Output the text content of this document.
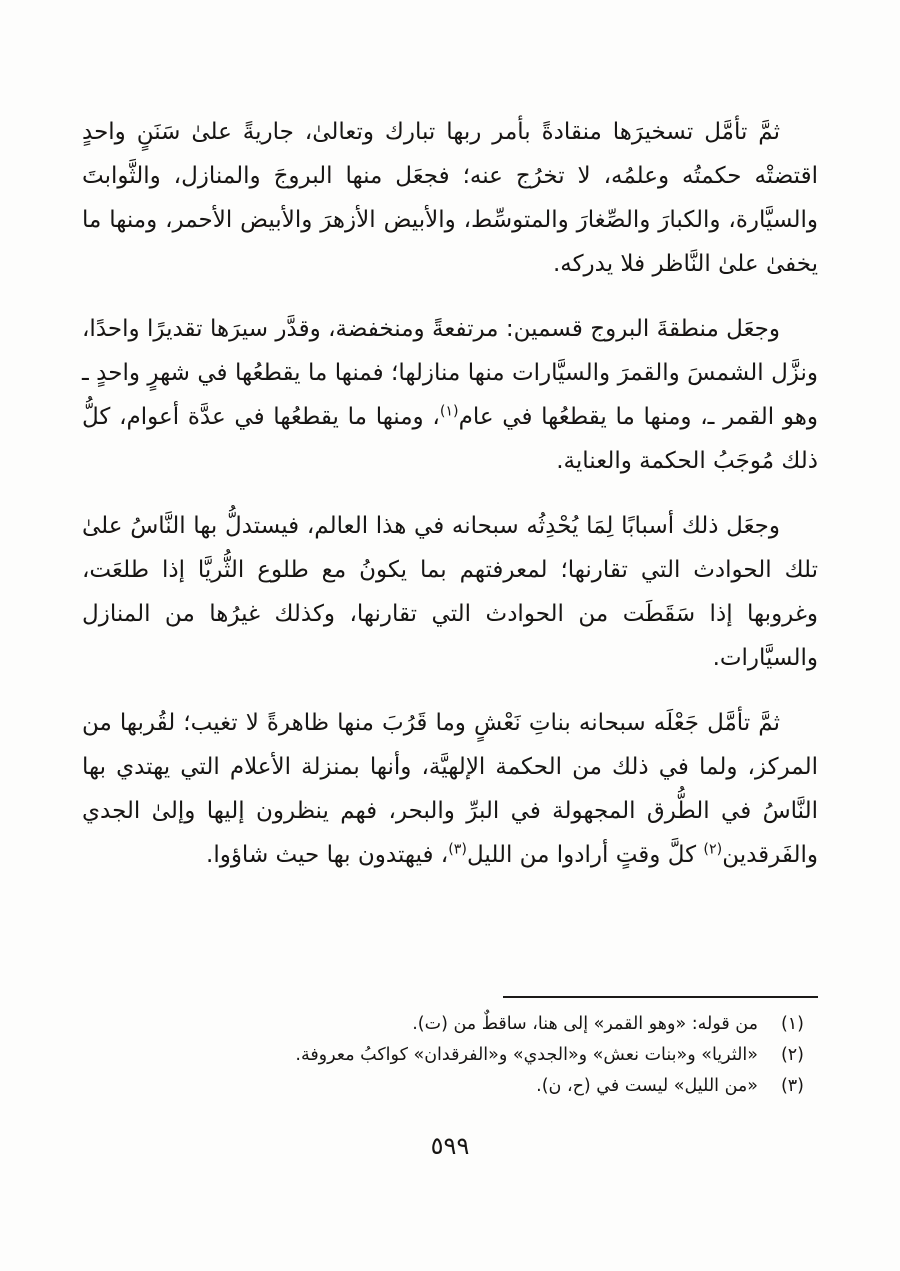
ثمَّ تأمَّل تسخيرَها منقادةً بأمر ربها تبارك وتعالىٰ، جاريةً علىٰ سَنَنٍ واحدٍ اقتضتْه حكمتُه وعلمُه، لا تخرُج عنه؛ فجعَل منها البروجَ والمنازل، والثَّوابتَ والسيَّارة، والكبارَ والصِّغارَ والمتوسِّط، والأبيض الأزهرَ والأبيض الأحمر، ومنها ما يخفىٰ علىٰ النَّاظر فلا يدركه.

وجعَل منطقةَ البروج قسمين: مرتفعةً ومنخفضة، وقدَّر سيرَها تقديرًا واحدًا، ونزَّل الشمسَ والقمرَ والسيَّارات منها منازلها؛ فمنها ما يقطعُها في شهرٍ واحدٍ ـ وهو القمر ـ، ومنها ما يقطعُها في عام$^{(١)}$، ومنها ما يقطعُها في عدَّة أعوام، كلُّ ذلك مُوجَبُ الحكمة والعناية.

وجعَل ذلك أسبابًا لِمَا يُحْدِثُه سبحانه في هذا العالم، فيستدلُّ بها النَّاسُ علىٰ تلك الحوادث التي تقارنها؛ لمعرفتهم بما يكونُ مع طلوع الثُّريَّا إذا طلعَت، وغروبها إذا سَقَطَت من الحوادث التي تقارنها، وكذلك غيرُها من المنازل والسيَّارات.

ثمَّ تأمَّل جَعْلَه سبحانه بناتِ نَعْشٍ وما قَرُبَ منها ظاهرةً لا تغيب؛ لقُربها من المركز، ولما في ذلك من الحكمة الإلهيَّة، وأنها بمنزلة الأعلام التي يهتدي بها النَّاسُ في الطُّرق المجهولة في البرِّ والبحر، فهم ينظرون إليها وإلىٰ الجدي والفَرقدين$^{(٢)}$ كلَّ وقتٍ أرادوا من الليل$^{(٣)}$، فيهتدون بها حيث شاؤوا.

(١)
من قوله: «وهو القمر» إلى هنا، ساقطٌ من (ت).
(٢)
«الثريا» و«بنات نعش» و«الجدي» و«الفرقدان» كواكبُ معروفة.
(٣)
«من الليل» ليست في (ح، ن).
٥٩٩
